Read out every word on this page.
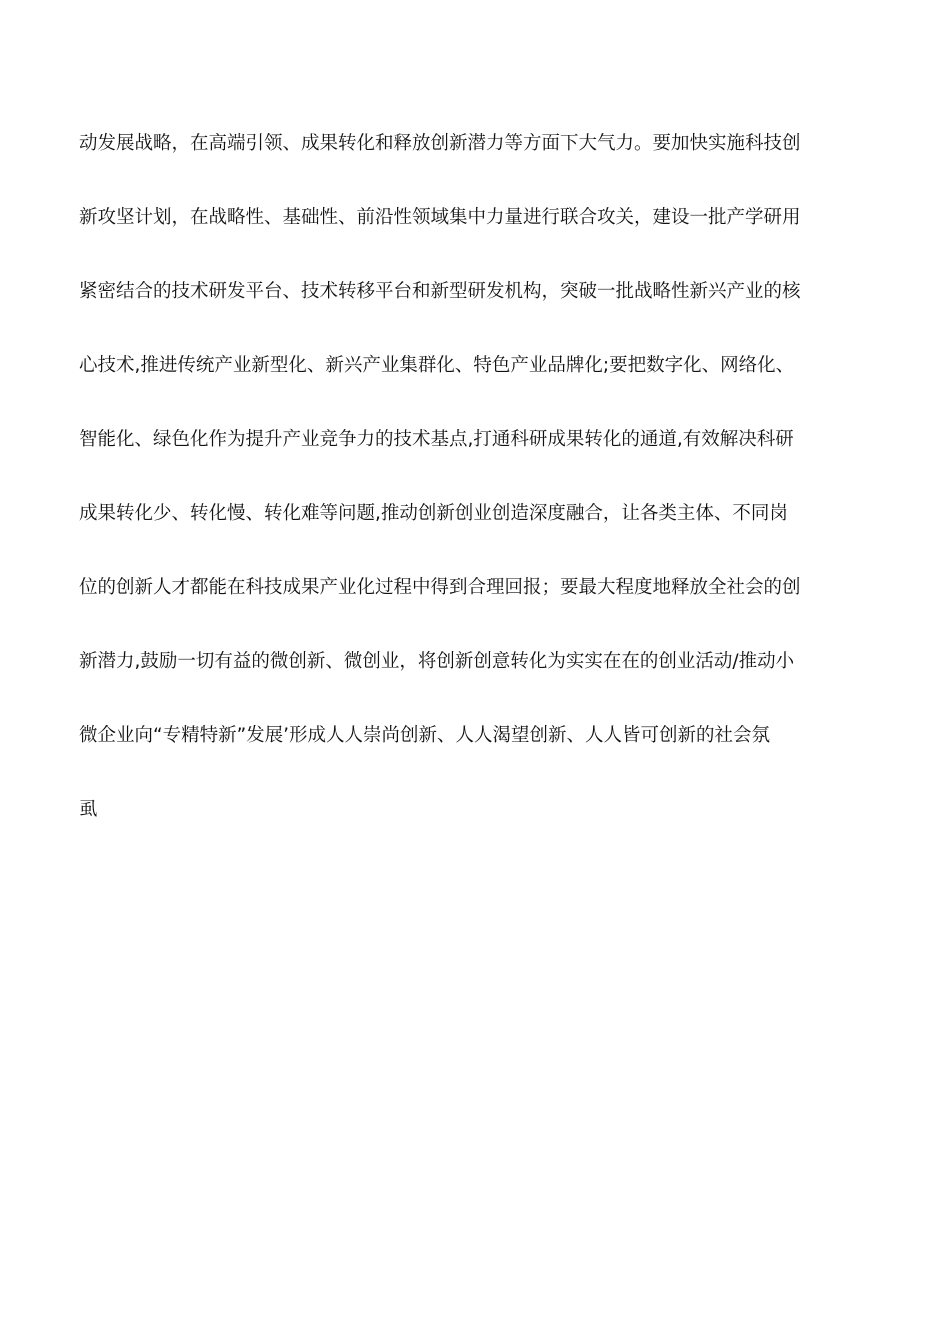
动发展战略，在高端引领、成果转化和释放创新潜力等方面下大气力。要加快实施科技创
新攻坚计划，在战略性、基础性、前沿性领域集中力量进行联合攻关，建设一批产学研用
紧密结合的技术研发平台、技术转移平台和新型研发机构，突破一批战略性新兴产业的核
心技术,推进传统产业新型化、新兴产业集群化、特色产业品牌化;要把数字化、网络化、
智能化、绿色化作为提升产业竞争力的技术基点,打通科研成果转化的通道,有效解决科研
成果转化少、转化慢、转化难等问题,推动创新创业创造深度融合，让各类主体、不同岗
位的创新人才都能在科技成果产业化过程中得到合理回报；要最大程度地释放全社会的创
新潜力,鼓励一切有益的微创新、微创业，将创新创意转化为实实在在的创业活动/推动小
微企业向“专精特新”发展’形成人人崇尚创新、人人渴望创新、人人皆可创新的社会氛
虱
